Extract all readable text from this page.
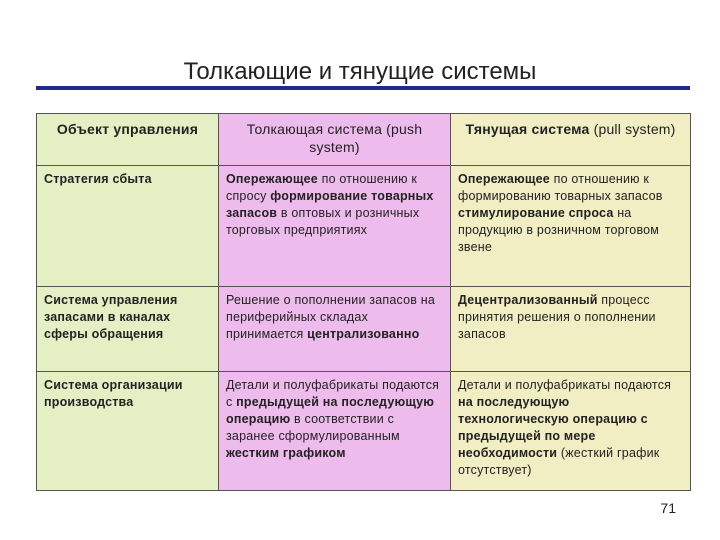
Толкающие и тянущие системы
Объект управления	Толкающая система (push system)	Тянущая система (pull system)
Стратегия сбыта	Опережающее по отношению к спросу формирование товарных запасов в оптовых и розничных торговых предприятиях	Опережающее по отношению к формированию товарных запасов стимулирование спроса на продукцию в розничном торговом звене
Система управления запасами в каналах сферы обращения	Решение о пополнении запасов на периферийных складах принимается централизованно	Децентрализованный процесс принятия решения о пополнении запасов
Система организации производства	Детали и полуфабрикаты подаются с предыдущей на последующую операцию в соответствии с заранее сформулированным жестким графиком	Детали и полуфабрикаты подаются на последующую технологическую операцию с предыдущей по мере необходимости (жесткий график отсутствует)
71
